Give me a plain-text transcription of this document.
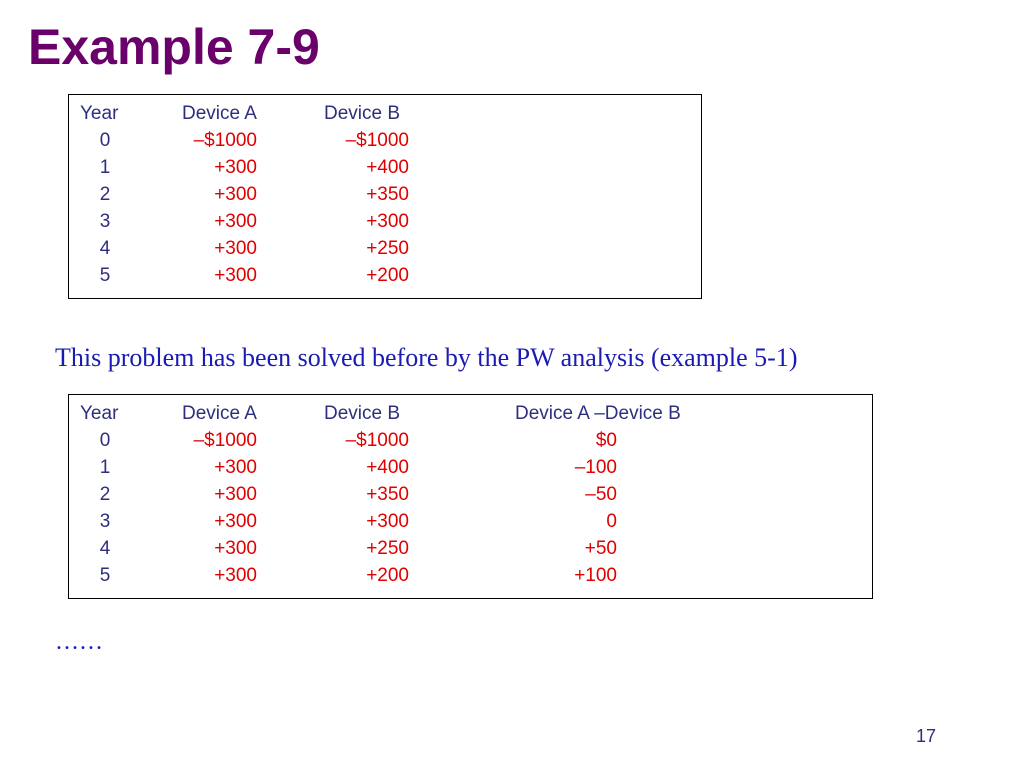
Example 7-9
Year	Device A	Device B
0	–$1000	–$1000
1	+300	+400
2	+300	+350
3	+300	+300
4	+300	+250
5	+300	+200

This problem has been solved before by the PW analysis (example 5-1)

Year	Device A	Device B	Device A –Device B
0	–$1000	–$1000	$0
1	+300	+400	–100
2	+300	+350	–50
3	+300	+300	0
4	+300	+250	+50
5	+300	+200	+100

……

17
